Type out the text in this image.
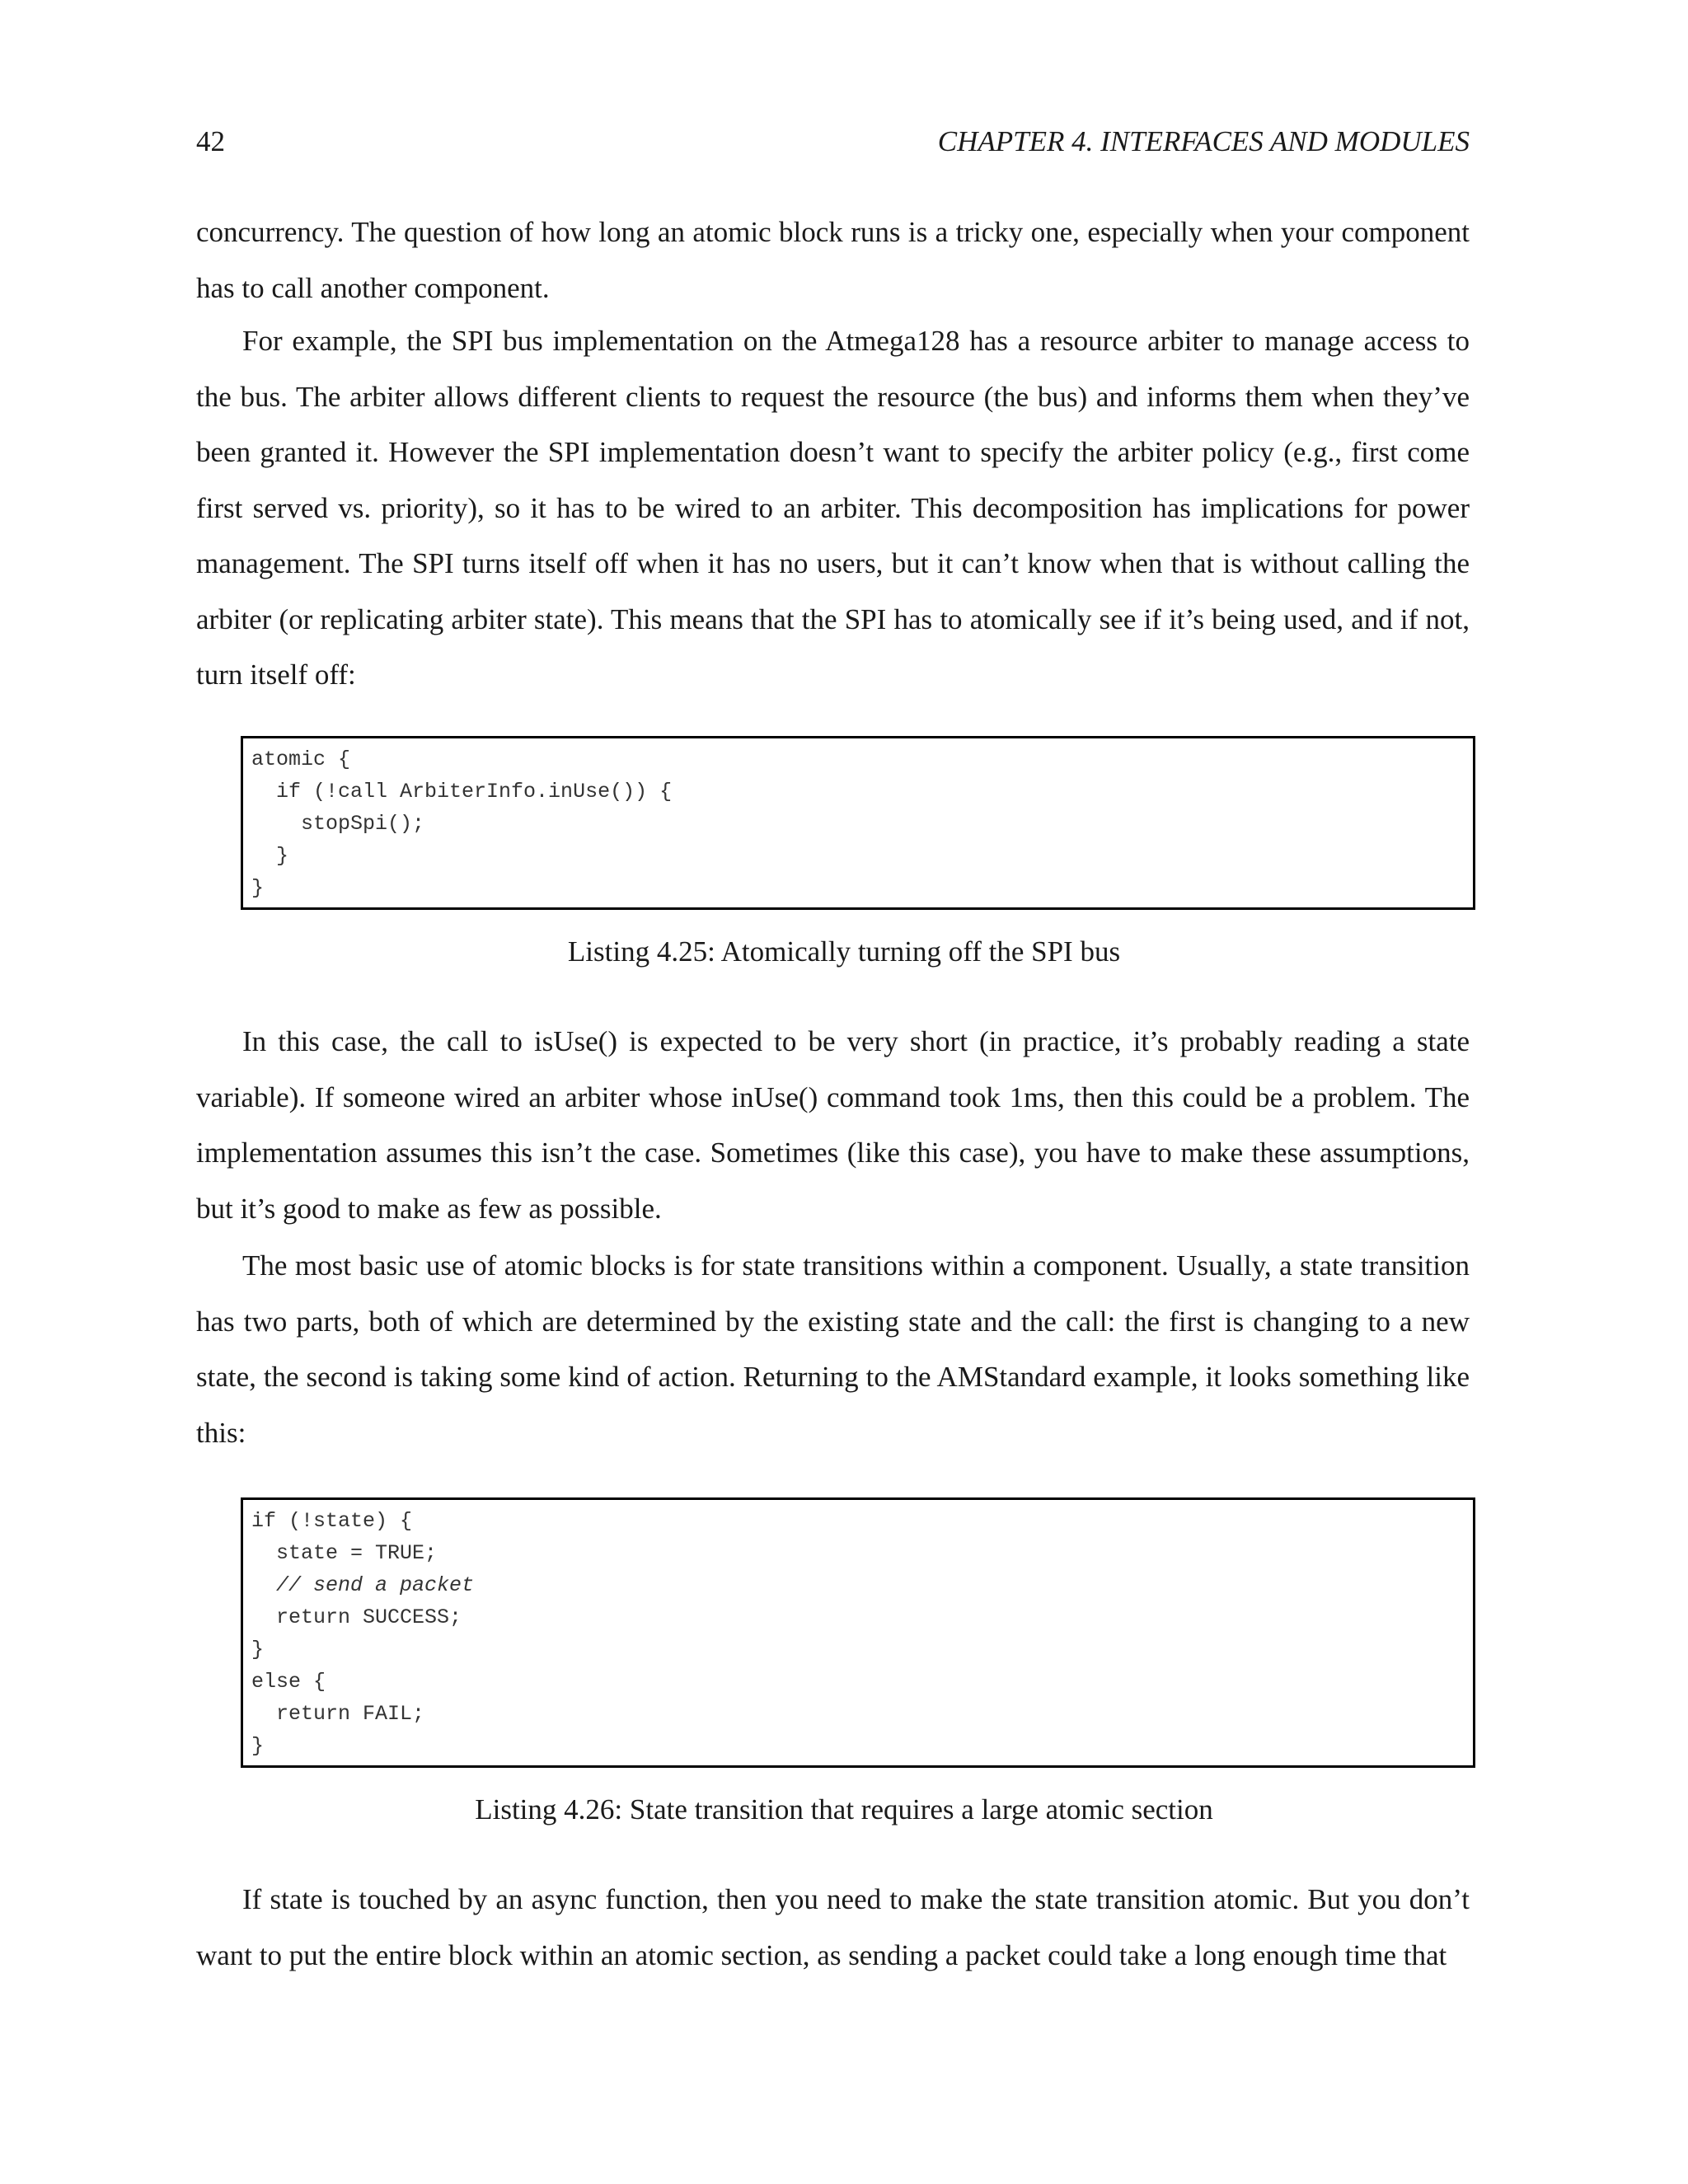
42	CHAPTER 4. INTERFACES AND MODULES

concurrency. The question of how long an atomic block runs is a tricky one, especially when your component has to call another component.

For example, the SPI bus implementation on the Atmega128 has a resource arbiter to manage access to the bus. The arbiter allows different clients to request the resource (the bus) and informs them when they’ve been granted it. However the SPI implementation doesn’t want to specify the arbiter policy (e.g., first come first served vs. priority), so it has to be wired to an arbiter. This decomposition has implications for power management. The SPI turns itself off when it has no users, but it can’t know when that is without calling the arbiter (or replicating arbiter state). This means that the SPI has to atomically see if it’s being used, and if not, turn itself off:

atomic {
if (!call ArbiterInfo.inUse()) {
stopSpi();
}
}
Listing 4.25: Atomically turning off the SPI bus

In this case, the call to isUse() is expected to be very short (in practice, it’s probably reading a state variable). If someone wired an arbiter whose inUse() command took 1ms, then this could be a problem. The implementation assumes this isn’t the case. Sometimes (like this case), you have to make these assumptions, but it’s good to make as few as possible.

The most basic use of atomic blocks is for state transitions within a component. Usually, a state transition has two parts, both of which are determined by the existing state and the call: the first is changing to a new state, the second is taking some kind of action. Returning to the AMStandard example, it looks something like this:

if (!state) {
state = TRUE;
// send a packet
return SUCCESS;
}
else {
return FAIL;
}
Listing 4.26: State transition that requires a large atomic section

If state is touched by an async function, then you need to make the state transition atomic. But you don’t want to put the entire block within an atomic section, as sending a packet could take a long enough time that
